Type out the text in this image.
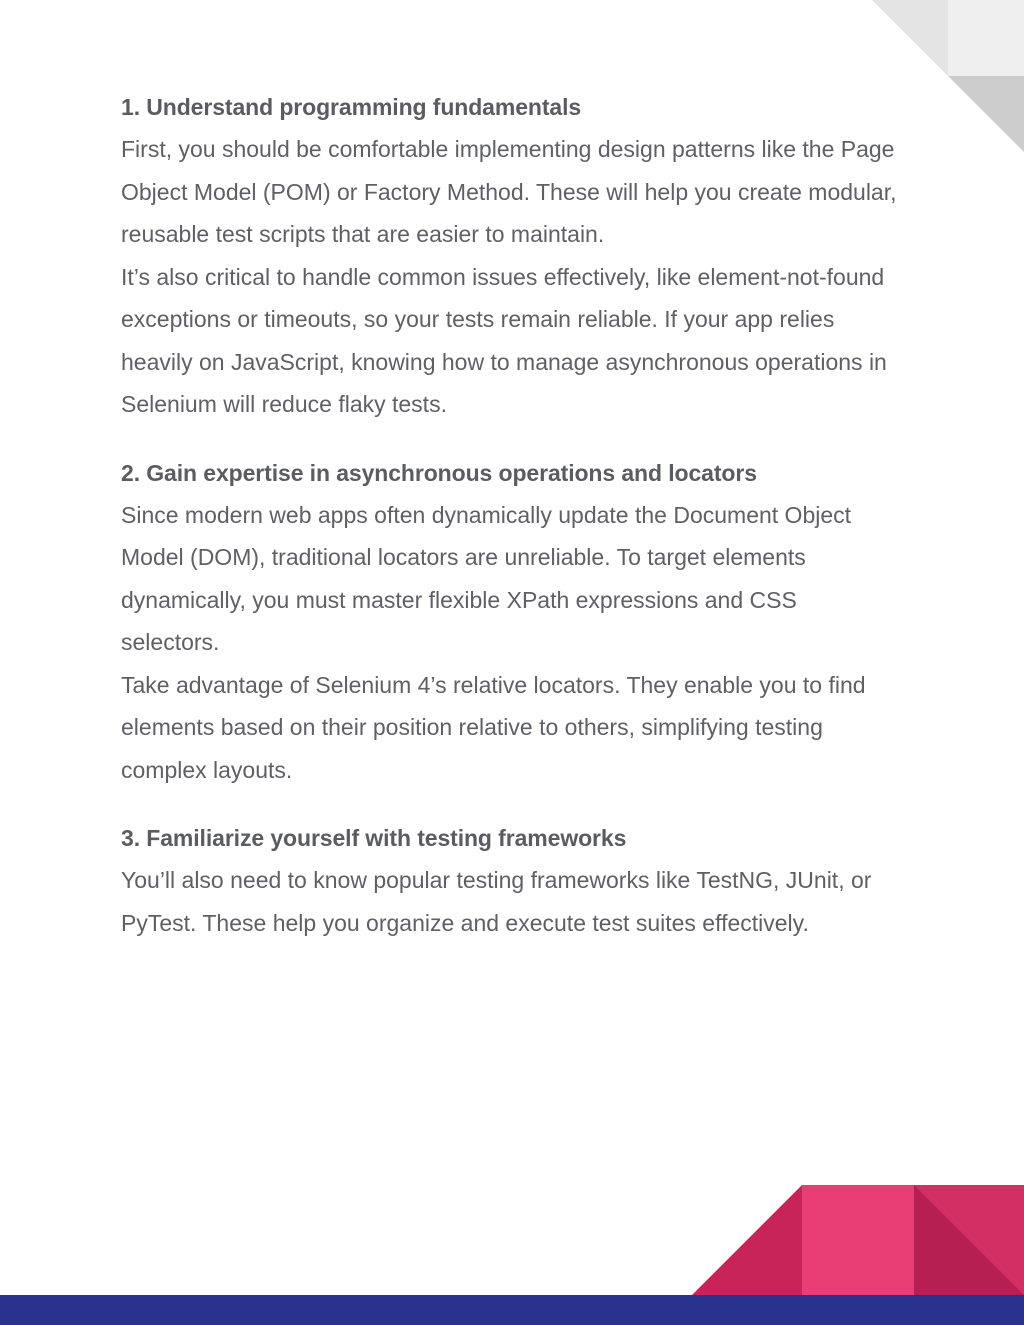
1. Understand programming fundamentals

First, you should be comfortable implementing design patterns like the Page Object Model (POM) or Factory Method. These will help you create modular, reusable test scripts that are easier to maintain.

It’s also critical to handle common issues effectively, like element-not-found exceptions or timeouts, so your tests remain reliable. If your app relies heavily on JavaScript, knowing how to manage asynchronous operations in Selenium will reduce flaky tests.

2. Gain expertise in asynchronous operations and locators

Since modern web apps often dynamically update the Document Object Model (DOM), traditional locators are unreliable. To target elements dynamically, you must master flexible XPath expressions and CSS selectors.

Take advantage of Selenium 4’s relative locators. They enable you to find elements based on their position relative to others, simplifying testing complex layouts.

3. Familiarize yourself with testing frameworks

You’ll also need to know popular testing frameworks like TestNG, JUnit, or PyTest. These help you organize and execute test suites effectively.
